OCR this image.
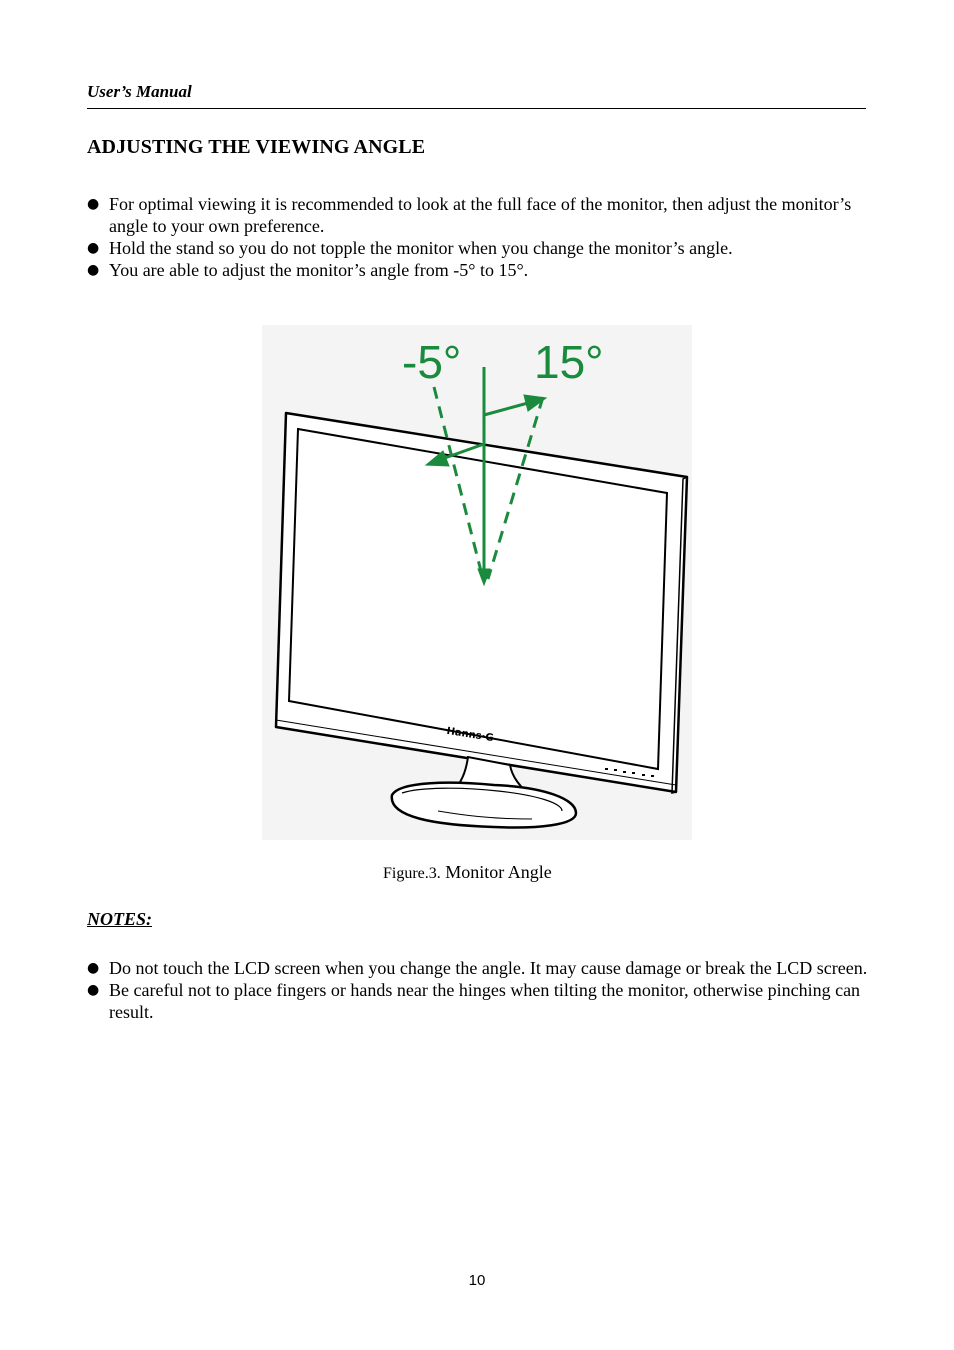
User’s Manual
ADJUSTING THE VIEWING ANGLE
● For optimal viewing it is recommended to look at the full face of the monitor, then adjust the monitor’s angle to your own preference.
● Hold the stand so you do not topple the monitor when you change the monitor’s angle.
● You are able to adjust the monitor’s angle from -5° to 15°.
Hanns·G
-5° 15°
Figure.3. Monitor Angle
NOTES:
● Do not touch the LCD screen when you change the angle. It may cause damage or break the LCD screen.
● Be careful not to place fingers or hands near the hinges when tilting the monitor, otherwise pinching can result.
10
